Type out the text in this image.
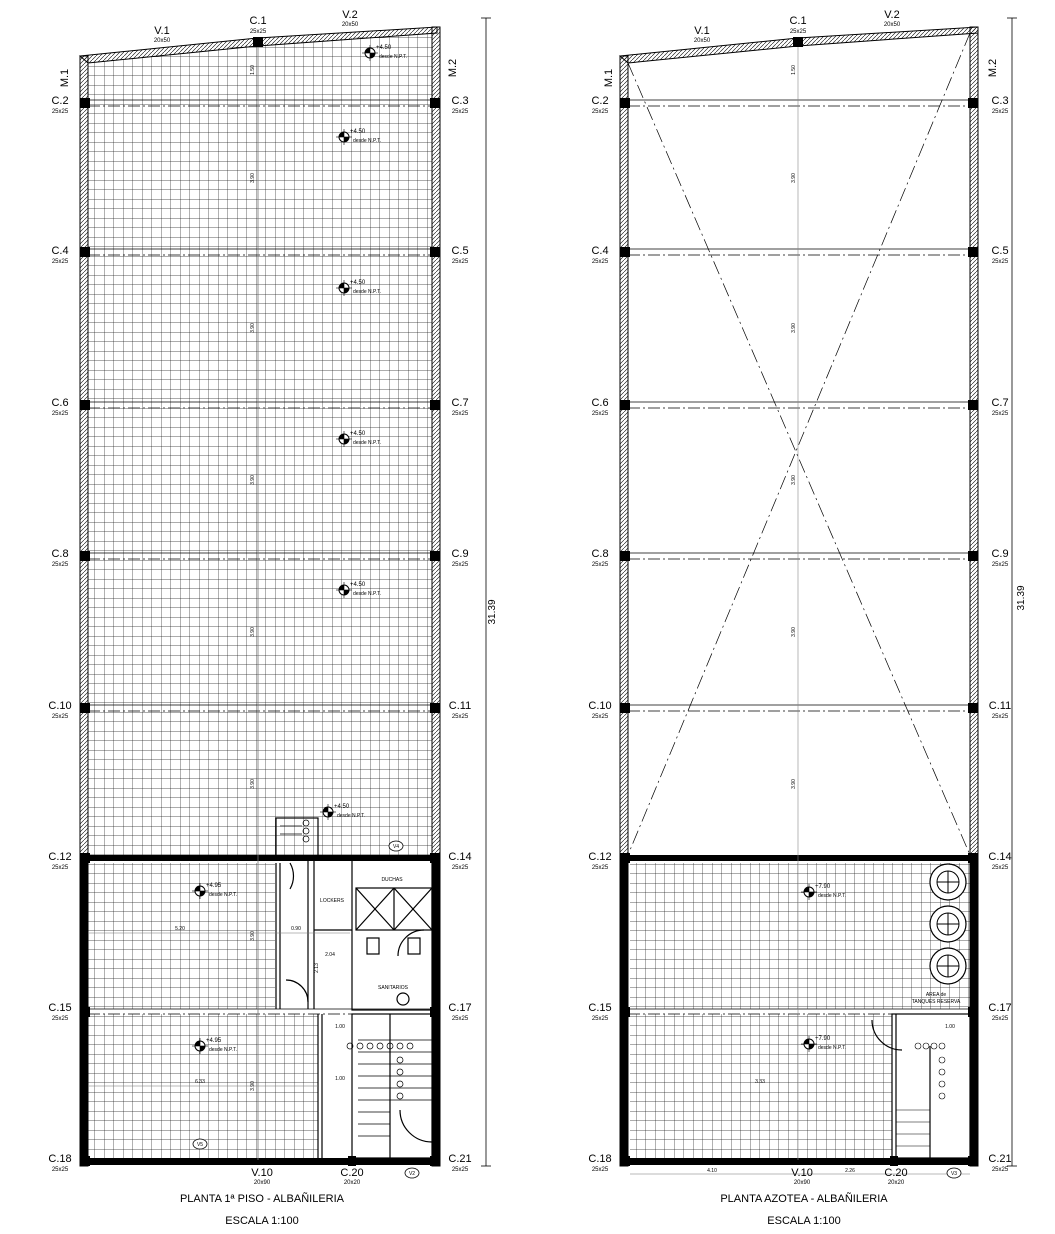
31.39
V.1
20x50
C.1
25x25
V.2
20x50
M.1
M.2
C.2
25x25
C.3
25x25
C.4
25x25
C.5
25x25
C.6
25x25
C.7
25x25
C.8
25x25
C.9
25x25
C.10
25x25
C.11
25x25
C.12
25x25
C.14
25x25
C.15
25x25
C.17
25x25
C.18
25x25
C.21
25x25
V.10
20x90
C.20
20x20
+4.50
desde N.P.T.
+4.50
desde N.P.T.
+4.50
desde N.P.T.
+4.50
desde N.P.T.
+4.50
desde N.P.T.
+4.50
desde N.P.T.
+4.95
desde N.P.T.
+4.95
desde N.P.T.
1.50
3.90
3.90
3.90
3.90
3.90
5.20	0.90
2.04
2.13
6.33
1.00
1.00
3.90
3.90
DUCHAS
LOCKERS
SANITARIOS
V4
V5
V2
PLANTA 1ª PISO - ALBAÑILERIA
ESCALA 1:100
31.39
V.1
20x50
C.1
25x25
V.2
20x50
M.1
M.2
C.2
25x25
C.3
25x25
C.4
25x25
C.5
25x25
C.6
25x25
C.7
25x25
C.8
25x25
C.9
25x25
C.10
25x25
C.11
25x25
C.12
25x25
C.14
25x25
C.15
25x25
C.17
25x25
C.18
25x25
C.21
25x25
V.10
20x90
C.20
20x20
+7.90
desde N.P.T.
+7.90
desde N.P.T.
1.50
3.90
3.90
3.90
3.90
3.90
1.00
3.33
4.10	2.26
AREA de
TANQUES RESERVA
V3
PLANTA AZOTEA - ALBAÑILERIA
ESCALA 1:100
